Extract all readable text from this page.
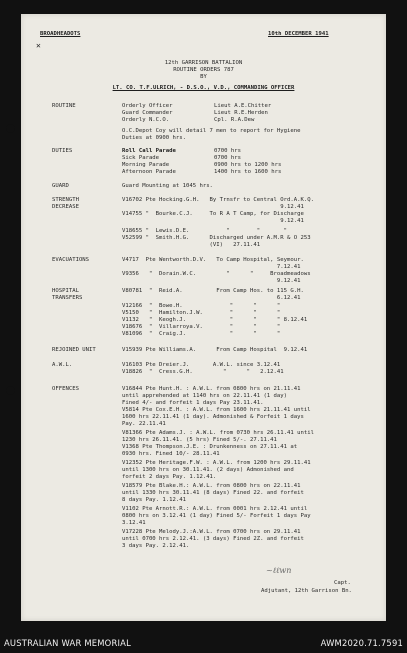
BROADHEADOTS	10th DECEMBER 1941
✕
12th GARRISON BATTALION
ROUTINE ORDERS 787
BY
LT. CO. T.F.ULRICH, - D.S.O., V.D., COMMANDING OFFICER
ROUTINE	Orderly Officer	Lieut A.E.Chitter
Guard Commander	Lieut R.E.Herden
Orderly N.C.O.	Cpl. R.A.Dew
O.C.Depot Coy will detail 7 men to report for Hygiene
Duties at 0900 hrs.
DUTIES	Roll Call Parade	0700 hrs
Sick Parade	0700 hrs
Morning Parade	0900 hrs to 1200 hrs
Afternoon Parade	1400 hrs to 1600 hrs
GUARD	Guard Mounting at 1045 hrs.
STRENGTH
DECREASE
V16702 Pte Hocking.G.H.   By Trnsfr to Central Ord.A.K.Q.
9.12.41
V14755 "  Bourke.C.J.     To R A T Camp, for Discharge
9.12.41
V18655 "  Lewis.D.E.           "        "       "
V52599 "  Smith.H.G.      Discharged under A.M.R & O 253
(VI)   27.11.41
EVACUATIONS	V4717  Pte Wentworth.D.V.   To Camp Hospital, Seymour.
7.12.41
V9356   "  Dorain.W.C.         "      "     Broadmeadows
9.12.41
HOSPITAL
TRANSFERS
V80781  "  Reid.A.          From Camp Hos. to 115 G.H.
6.12.41
V12166  "  Bowe.H.              "      "      "
V5150   "  Hamilton.J.W.        "      "      "
V1132   "  Keogh.J.             "      "      " 8.12.41
V18676  "  Villarroya.V.        "      "      "
V81096  "  Craig.J.             "      "      "
REJOINED UNIT	V15939 Pte Williams.A.      From Camp Hospital  9.12.41
A.W.L.	V16103 Pte Dreier.J.       A.W.L. since 3.12.41
V18826  "  Cress.G.H.         "      "   2.12.41
OFFENCES	V16844 Pte Hunt.H. : A.W.L. from 0800 hrs on 21.11.41
until apprehended at 1140 hrs on 22.11.41 (1 day)
Fined 4/- and forfeit 1 days Pay 23.11.41.
V5814 Pte Cox.E.H. : A.W.L. from 1600 hrs 21.11.41 until
1600 hrs 22.11.41 (1 day). Admonished & Forfeit 1 days
Pay. 22.11.41
V81366 Pte Adams.J. : A.W.L. from 0730 hrs 26.11.41 until
1230 hrs 26.11.41. (5 hrs) Fined 5/-. 27.11.41
V1368 Pte Thompson.J.E. : Drunkenness on 27.11.41 at
0930 hrs. Fined 10/- 28.11.41
V12352 Pte Heritage.F.W. : A.W.L. from 1200 hrs 29.11.41
until 1300 hrs on 30.11.41. (2 days) Admonished and
forfeit 2 days Pay. 1.12.41.
V18579 Pte Blake.H.: A.W.L. from 0800 hrs on 22.11.41
until 1330 hrs 30.11.41 (8 days) Fined 22. and forfeit
8 days Pay. 1.12.41
V1102 Pte Arnott.R.: A.W.L. from 0001 hrs 2.12.41 until
0800 hrs on 3.12.41 (1 day) Fined 5/- Forfeit 1 days Pay
3.12.41
V17228 Pte Melody.J.:A.W.L. from 0700 hrs on 29.11.41
until 0700 hrs 2.12.41. (3 days) Fined 2Z. and forfeit
3 days Pay. 2.12.41.
~ℓℓwn
Capt.
Adjutant, 12th Garrison Bn.
AUSTRALIAN WAR MEMORIAL	AWM2020.71.7591
